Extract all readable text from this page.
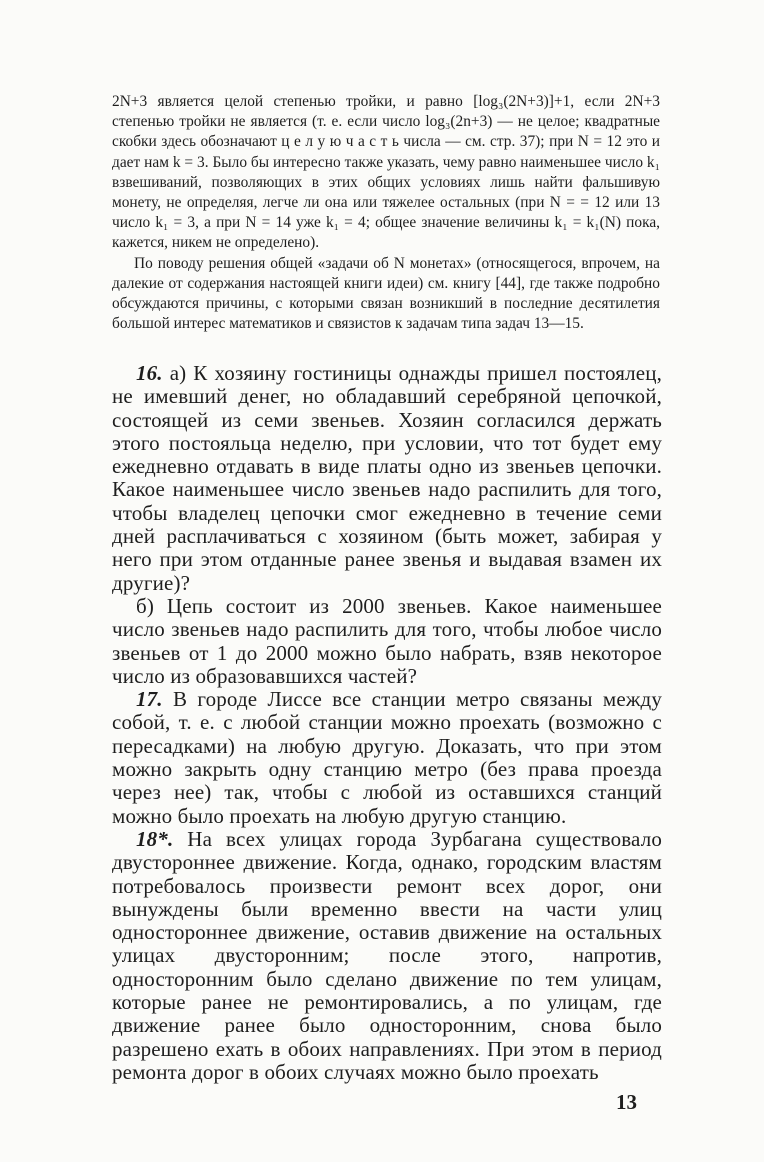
2N+3 является целой степенью тройки, и равно [log₃(2N+3)]+1, если 2N+3 степенью тройки не является (т. е. если число log₃(2n+3) — не целое; квадратные скобки здесь обозначают ц е л у ю ч а с т ь числа — см. стр. 37); при N = 12 это и дает нам k = 3. Было бы интересно также указать, чему равно наименьшее число k₁ взвешиваний, позволяющих в этих общих условиях лишь найти фальшивую монету, не определяя, легче ли она или тяжелее остальных (при N = = 12 или 13 число k₁ = 3, а при N = 14 уже k₁ = 4; общее значение величины k₁ = k₁(N) пока, кажется, никем не определено).

По поводу решения общей «задачи об N монетах» (относящегося, впрочем, на далекие от содержания настоящей книги идеи) см. книгу [44], где также подробно обсуждаются причины, с которыми связан возникший в последние десятилетия большой интерес математиков и связистов к задачам типа задач 13—15.

16. а) К хозяину гостиницы однажды пришел постоялец, не имевший денег, но обладавший серебряной цепочкой, состоящей из семи звеньев. Хозяин согласился держать этого постояльца неделю, при условии, что тот будет ему ежедневно отдавать в виде платы одно из звеньев цепочки. Какое наименьшее число звеньев надо распилить для того, чтобы владелец цепочки смог ежедневно в течение семи дней расплачиваться с хозяином (быть может, забирая у него при этом отданные ранее звенья и выдавая взамен их другие)?

б) Цепь состоит из 2000 звеньев. Какое наименьшее число звеньев надо распилить для того, чтобы любое число звеньев от 1 до 2000 можно было набрать, взяв некоторое число из образовавшихся частей?

17. В городе Лиссе все станции метро связаны между собой, т. е. с любой станции можно проехать (возможно с пересадками) на любую другую. Доказать, что при этом можно закрыть одну станцию метро (без права проезда через нее) так, чтобы с любой из оставшихся станций можно было проехать на любую другую станцию.

18*. На всех улицах города Зурбагана существовало двустороннее движение. Когда, однако, городским властям потребовалось произвести ремонт всех дорог, они вынуждены были временно ввести на части улиц одностороннее движение, оставив движение на остальных улицах двусторонним; после этого, напротив, односторонним было сделано движение по тем улицам, которые ранее не ремонтировались, а по улицам, где движение ранее было односторонним, снова было разрешено ехать в обоих направлениях. При этом в период ремонта дорог в обоих случаях можно было проехать

13
